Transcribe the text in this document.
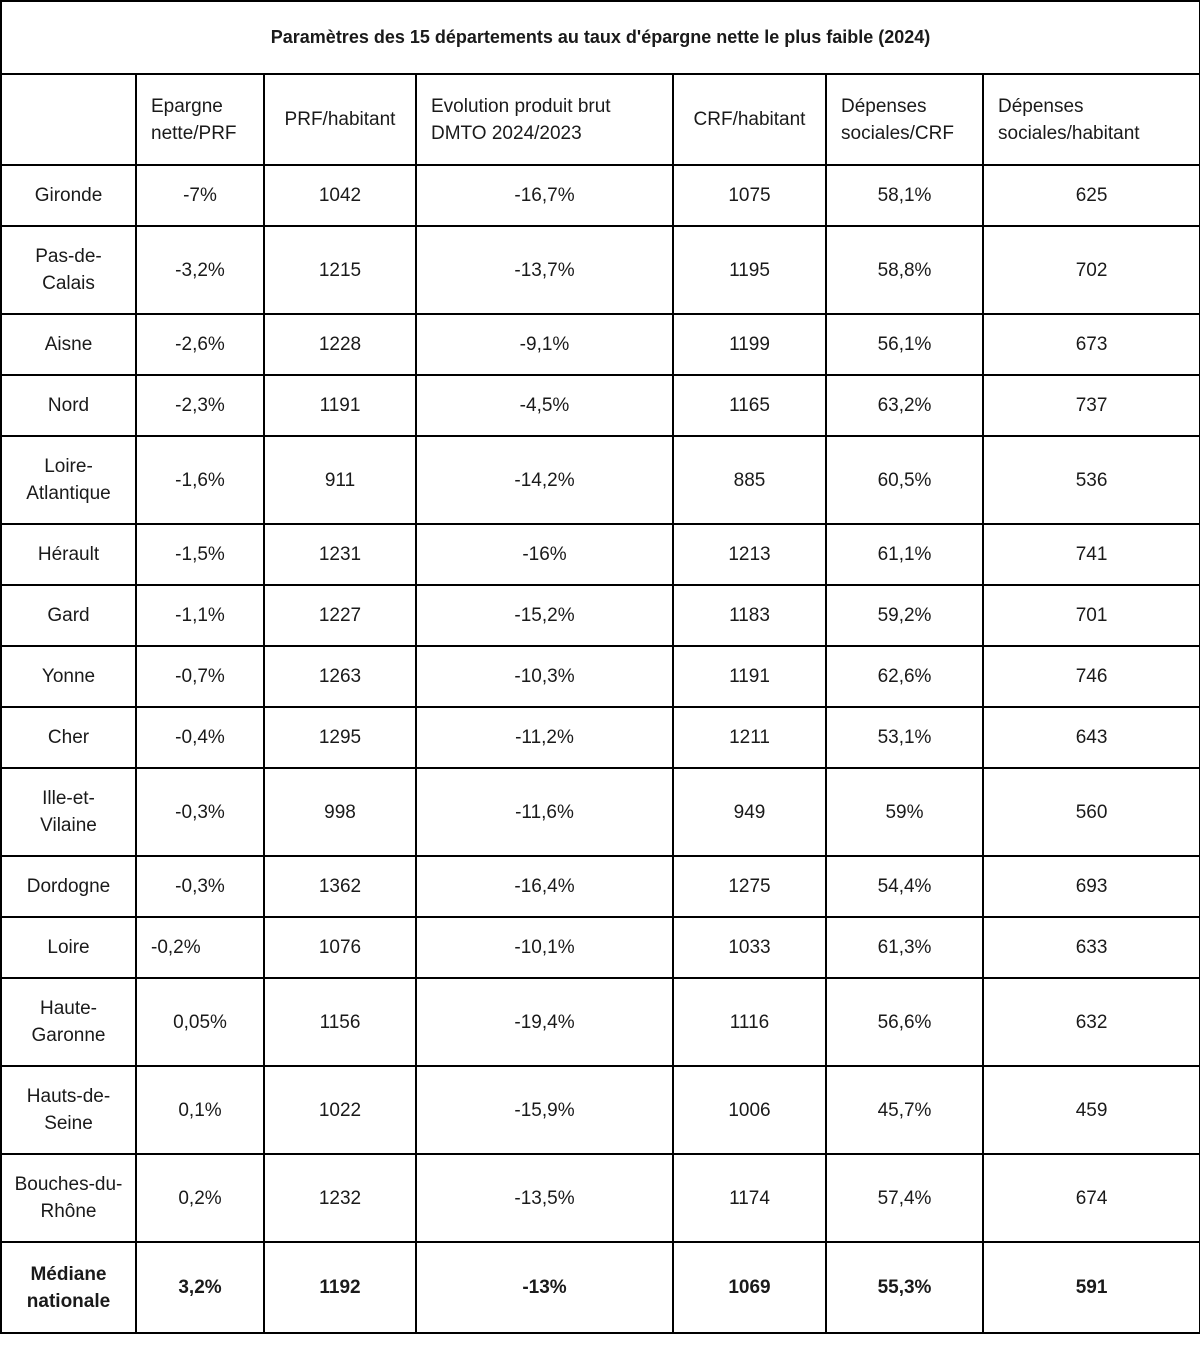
Paramètres des 15 départements au taux d'épargne nette le plus faible (2024)						
	Epargne nette/PRF	PRF/habitant	Evolution produit brut DMTO 2024/2023	CRF/habitant	Dépenses sociales/CRF	Dépenses sociales/habitant
Gironde	-7%	1042	-16,7%	1075	58,1%	625
Pas-de-Calais	-3,2%	1215	-13,7%	1195	58,8%	702
Aisne	-2,6%	1228	-9,1%	1199	56,1%	673
Nord	-2,3%	1191	-4,5%	1165	63,2%	737
Loire-Atlantique	-1,6%	911	-14,2%	885	60,5%	536
Hérault	-1,5%	1231	-16%	1213	61,1%	741
Gard	-1,1%	1227	-15,2%	1183	59,2%	701
Yonne	-0,7%	1263	-10,3%	1191	62,6%	746
Cher	-0,4%	1295	-11,2%	1211	53,1%	643
Ille-et-Vilaine	-0,3%	998	-11,6%	949	59%	560
Dordogne	-0,3%	1362	-16,4%	1275	54,4%	693
Loire	-0,2%	1076	-10,1%	1033	61,3%	633
Haute-Garonne	0,05%	1156	-19,4%	1116	56,6%	632
Hauts-de-Seine	0,1%	1022	-15,9%	1006	45,7%	459
Bouches-du-Rhône	0,2%	1232	-13,5%	1174	57,4%	674
Médiane nationale	3,2%	1192	-13%	1069	55,3%	591
